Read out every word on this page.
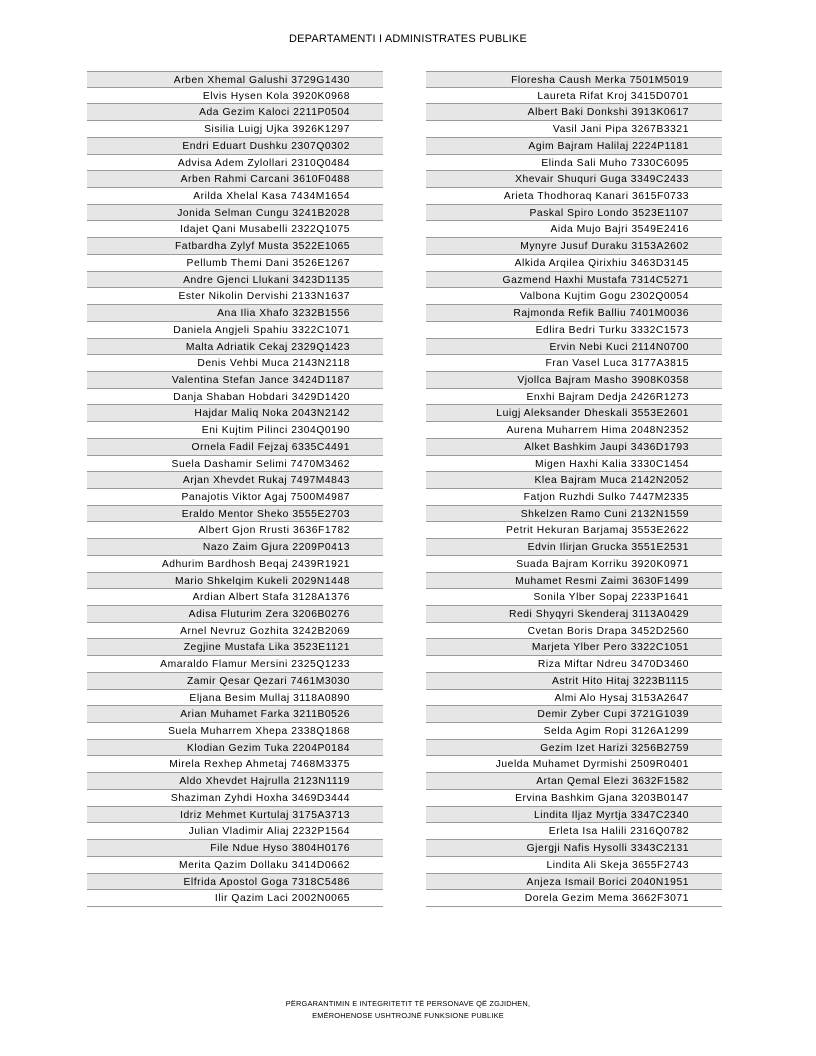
DEPARTAMENTI I ADMINISTRATES PUBLIKE
Arben Xhemal Galushi 3729G1430
Elvis Hysen Kola 3920K0968
Ada Gezim Kaloci 2211P0504
Sisilia Luigj Ujka 3926K1297
Endri Eduart Dushku 2307Q0302
Advisa Adem Zylollari 2310Q0484
Arben Rahmi Carcani 3610F0488
Arilda Xhelal Kasa 7434M1654
Jonida Selman Cungu 3241B2028
Idajet Qani Musabelli 2322Q1075
Fatbardha Zylyf Musta 3522E1065
Pellumb Themi Dani 3526E1267
Andre Gjenci Llukani 3423D1135
Ester Nikolin Dervishi 2133N1637
Ana Ilia Xhafo 3232B1556
Daniela Angjeli Spahiu 3322C1071
Malta Adriatik Cekaj 2329Q1423
Denis Vehbi Muca 2143N2118
Valentina Stefan Jance 3424D1187
Danja Shaban Hobdari 3429D1420
Hajdar Maliq Noka 2043N2142
Eni Kujtim Pilinci 2304Q0190
Ornela Fadil Fejzaj 6335C4491
Suela Dashamir Selimi 7470M3462
Arjan Xhevdet Rukaj 7497M4843
Panajotis Viktor Agaj 7500M4987
Eraldo Mentor Sheko 3555E2703
Albert Gjon Rrusti 3636F1782
Nazo Zaim Gjura 2209P0413
Adhurim Bardhosh Beqaj 2439R1921
Mario Shkelqim Kukeli 2029N1448
Ardian Albert Stafa 3128A1376
Adisa Fluturim Zera 3206B0276
Arnel Nevruz Gozhita 3242B2069
Zegjine Mustafa Lika 3523E1121
Amaraldo Flamur Mersini 2325Q1233
Zamir Qesar Qezari 7461M3030
Eljana Besim Mullaj 3118A0890
Arian Muhamet Farka 3211B0526
Suela Muharrem Xhepa 2338Q1868
Klodian Gezim Tuka 2204P0184
Mirela Rexhep Ahmetaj 7468M3375
Aldo Xhevdet Hajrulla 2123N1119
Shaziman Zyhdi Hoxha 3469D3444
Idriz Mehmet Kurtulaj 3175A3713
Julian Vladimir Aliaj 2232P1564
File Ndue Hyso 3804H0176
Merita Qazim Dollaku 3414D0662
Elfrida Apostol Goga 7318C5486
Ilir Qazim Laci 2002N0065
Floresha Caush Merka 7501M5019
Laureta Rifat Kroj 3415D0701
Albert Baki Donkshi 3913K0617
Vasil Jani Pipa 3267B3321
Agim Bajram Halilaj 2224P1181
Elinda Sali Muho 7330C6095
Xhevair Shuquri Guga 3349C2433
Arieta Thodhoraq Kanari 3615F0733
Paskal Spiro Londo 3523E1107
Aida Mujo Bajri 3549E2416
Mynyre Jusuf Duraku 3153A2602
Alkida Arqilea Qirixhiu 3463D3145
Gazmend Haxhi Mustafa 7314C5271
Valbona Kujtim Gogu 2302Q0054
Rajmonda Refik Balliu 7401M0036
Edlira Bedri Turku 3332C1573
Ervin Nebi Kuci 2114N0700
Fran Vasel Luca 3177A3815
Vjollca Bajram Masho 3908K0358
Enxhi Bajram Dedja 2426R1273
Luigj Aleksander Dheskali 3553E2601
Aurena Muharrem Hima 2048N2352
Alket Bashkim Jaupi 3436D1793
Migen Haxhi Kalia 3330C1454
Klea Bajram Muca 2142N2052
Fatjon Ruzhdi Sulko 7447M2335
Shkelzen Ramo Cuni 2132N1559
Petrit Hekuran Barjamaj 3553E2622
Edvin Ilirjan Grucka 3551E2531
Suada Bajram Korriku 3920K0971
Muhamet Resmi Zaimi 3630F1499
Sonila Ylber Sopaj 2233P1641
Redi Shyqyri Skenderaj 3113A0429
Cvetan Boris Drapa 3452D2560
Marjeta Ylber Pero 3322C1051
Riza Miftar Ndreu 3470D3460
Astrit Hito Hitaj 3223B1115
Almi Alo Hysaj 3153A2647
Demir Zyber Cupi 3721G1039
Selda Agim Ropi 3126A1299
Gezim Izet Harizi 3256B2759
Juelda Muhamet Dyrmishi 2509R0401
Artan Qemal Elezi 3632F1582
Ervina Bashkim Gjana 3203B0147
Lindita Iljaz Myrtja 3347C2340
Erleta Isa Halili 2316Q0782
Gjergji Nafis Hysolli 3343C2131
Lindita Ali Skeja 3655F2743
Anjeza Ismail Borici 2040N1951
Dorela Gezim Mema 3662F3071
PËRGARANTIMIN E INTEGRITETIT TË PERSONAVE QË ZGJIDHEN,
EMËROHENOSE USHTROJNË FUNKSIONE PUBLIKE
